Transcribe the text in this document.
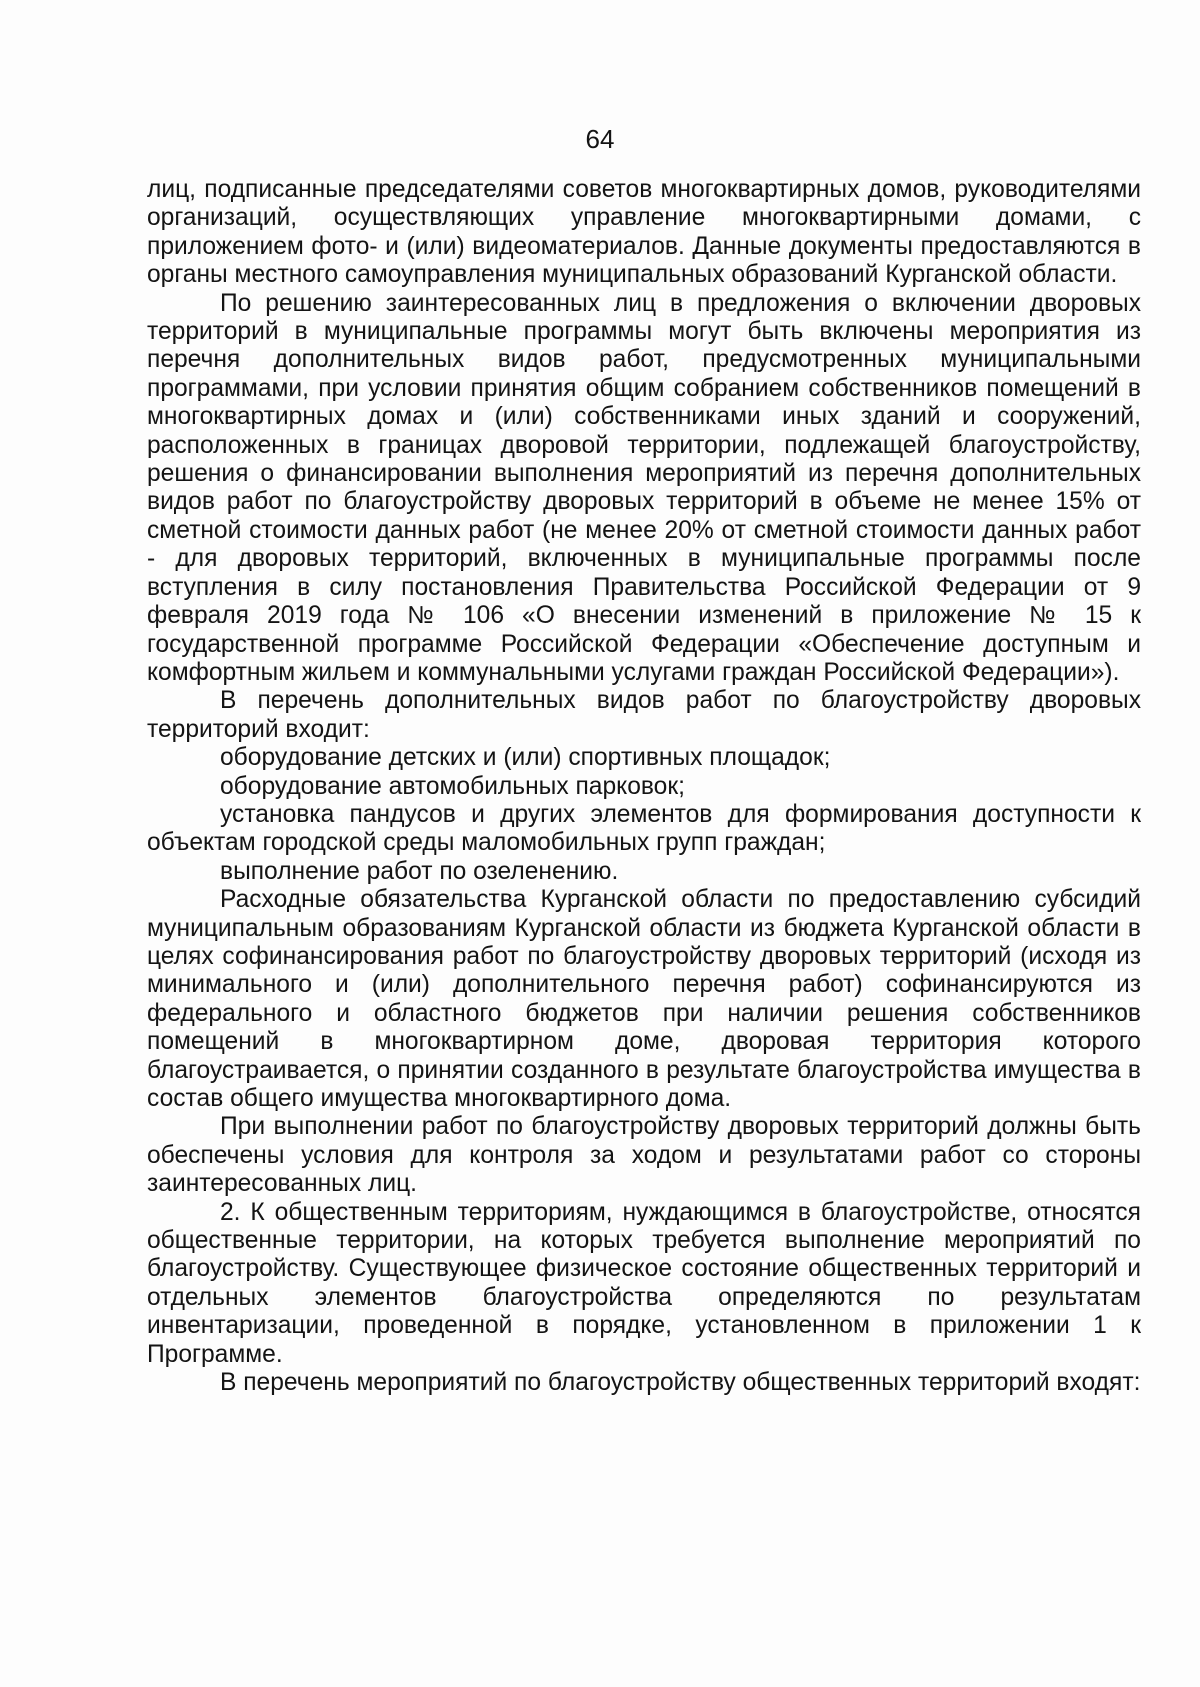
64

лиц, подписанные председателями советов многоквартирных домов, руководителями организаций, осуществляющих управление многоквартирными домами, с приложением фото- и (или) видеоматериалов. Данные документы предоставляются в органы местного самоуправления муниципальных образований Курганской области.

По решению заинтересованных лиц в предложения о включении дворовых территорий в муниципальные программы могут быть включены мероприятия из перечня дополнительных видов работ, предусмотренных муниципальными программами, при условии принятия общим собранием собственников помещений в многоквартирных домах и (или) собственниками иных зданий и сооружений, расположенных в границах дворовой территории, подлежащей благоустройству, решения о финансировании выполнения мероприятий из перечня дополнительных видов работ по благоустройству дворовых территорий в объеме не менее 15% от сметной стоимости данных работ (не менее 20% от сметной стоимости данных работ - для дворовых территорий, включенных в муниципальные программы после вступления в силу постановления Правительства Российской Федерации от 9 февраля 2019 года № 106 «О внесении изменений в приложение № 15 к государственной программе Российской Федерации «Обеспечение доступным и комфортным жильем и коммунальными услугами граждан Российской Федерации»).

В перечень дополнительных видов работ по благоустройству дворовых территорий входит:

оборудование детских и (или) спортивных площадок;

оборудование автомобильных парковок;

установка пандусов и других элементов для формирования доступности к объектам городской среды маломобильных групп граждан;

выполнение работ по озеленению.

Расходные обязательства Курганской области по предоставлению субсидий муниципальным образованиям Курганской области из бюджета Курганской области в целях софинансирования работ по благоустройству дворовых территорий (исходя из минимального и (или) дополнительного перечня работ) софинансируются из федерального и областного бюджетов при наличии решения собственников помещений в многоквартирном доме, дворовая территория которого благоустраивается, о принятии созданного в результате благоустройства имущества в состав общего имущества многоквартирного дома.

При выполнении работ по благоустройству дворовых территорий должны быть обеспечены условия для контроля за ходом и результатами работ со стороны заинтересованных лиц.

2. К общественным территориям, нуждающимся в благоустройстве, относятся общественные территории, на которых требуется выполнение мероприятий по благоустройству. Существующее физическое состояние общественных территорий и отдельных элементов благоустройства определяются по результатам инвентаризации, проведенной в порядке, установленном в приложении 1 к Программе.

В перечень мероприятий по благоустройству общественных территорий входят:
